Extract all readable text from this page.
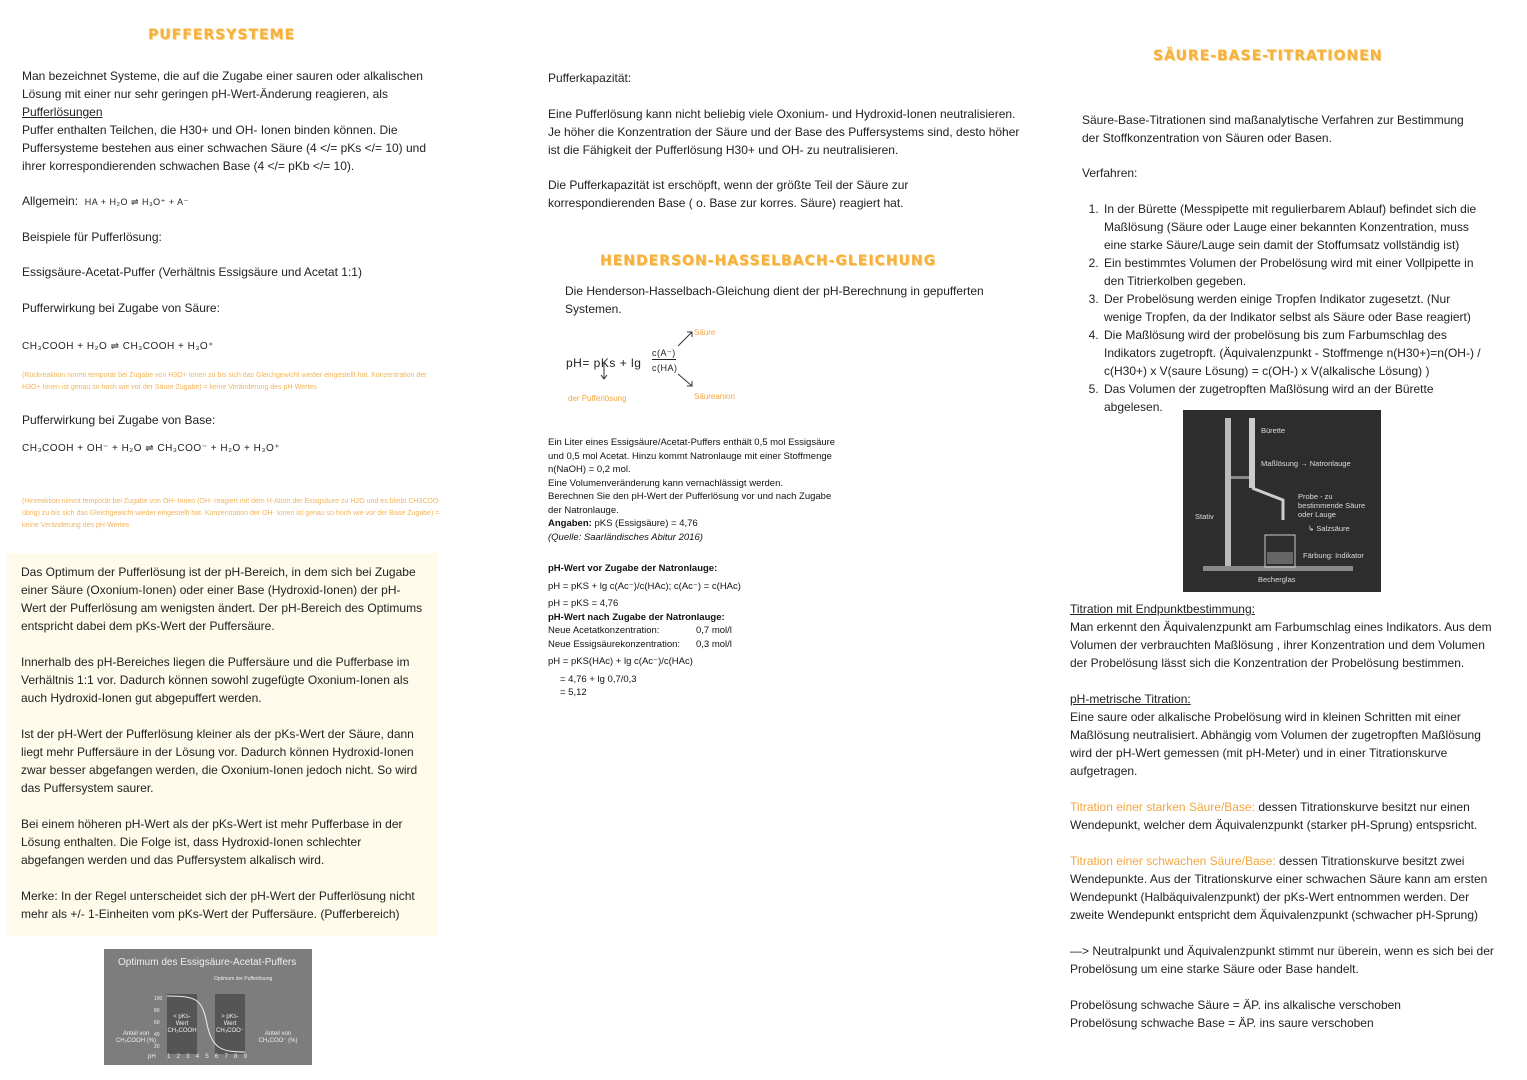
PUFFERSYSTEME

Man bezeichnet Systeme, die auf die Zugabe einer sauren oder alkalischen Lösung mit einer nur sehr geringen pH-Wert-Änderung reagieren, als Pufferlösungen

Puffer enthalten Teilchen, die H30+ und OH- Ionen binden können. Die Puffersysteme bestehen aus einer schwachen Säure (4 </= pKs </= 10) und ihrer korrespondierenden schwachen Base (4 </= pKb </= 10).

Allgemein: HA + H₂O ⇌ H₃O⁺ + A⁻

Beispiele für Pufferlösung:

Essigsäure-Acetat-Puffer (Verhältnis Essigsäure und Acetat 1:1)

Pufferwirkung bei Zugabe von Säure:

CH₃COOH + H₂O ⇌ CH₃COOH + H₃O⁺

(Rückreaktion nimmt temporär bei Zugabe von H3O+ Ionen zu bis sich das Gleichgewicht wieder eingestellt hat. Konzentration der H3O+ Ionen ist genau so hoch wie vor der Säure Zugabe) = keine Veränderung des pH-Wertes

Pufferwirkung bei Zugabe von Base:

CH₃COOH + OH⁻ + H₂O ⇌ CH₃COO⁻ + H₂O + H₃O⁺

(Hinreaktion nimmt temporär bei Zugabe von OH- Ionen (OH- reagiert mit dem H-Atom der Essigsäure zu H2O und es bleibt CH3COO- übrig) zu bis sich das Gleichgewicht wieder eingestellt hat. Konzentration der OH- Ionen ist genau so hoch wie vor der Base Zugabe) = keine Veränderung des pH-Wertes

Das Optimum der Pufferlösung ist der pH-Bereich, in dem sich bei Zugabe einer Säure (Oxonium-Ionen) oder einer Base (Hydroxid-Ionen) der pH-Wert der Pufferlösung am wenigsten ändert. Der pH-Bereich des Optimums entspricht dabei dem pKs-Wert der Puffersäure.

Innerhalb des pH-Bereiches liegen die Puffersäure und die Pufferbase im Verhältnis 1:1 vor. Dadurch können sowohl zugefügte Oxonium-Ionen als auch Hydroxid-Ionen gut abgepuffert werden.

Ist der pH-Wert der Pufferlösung kleiner als der pKs-Wert der Säure, dann liegt mehr Puffersäure in der Lösung vor. Dadurch können Hydroxid-Ionen zwar besser abgefangen werden, die Oxonium-Ionen jedoch nicht. So wird das Puffersystem saurer.

Bei einem höheren pH-Wert als der pKs-Wert ist mehr Pufferbase in der Lösung enthalten. Die Folge ist, dass Hydroxid-Ionen schlechter abgefangen werden und das Puffersystem alkalisch wird.

Merke: In der Regel unterscheidet sich der pH-Wert der Pufferlösung nicht mehr als +/- 1-Einheiten vom pKs-Wert der Puffersäure. (Pufferbereich)

Optimum des Essigsäure-Acetat-Puffers
Optimum der Pufferlösung
< pKs-Wert CH₃COOH
> pKs-Wert CH₃COO⁻
Anteil von CH₃COOH (%)
Anteil von CH₃COO⁻ (%)
pH 1 2 3 4 5 6 7 8 9
100
80
60
40
20

Pufferkapazität:

Eine Pufferlösung kann nicht beliebig viele Oxonium- und Hydroxid-Ionen neutralisieren. Je höher die Konzentration der Säure und der Base des Puffersystems sind, desto höher ist die Fähigkeit der Pufferlösung H30+ und OH- zu neutralisieren.

Die Pufferkapazität ist erschöpft, wenn der größte Teil der Säure zur korrespondierenden Base ( o. Base zur korres. Säure) reagiert hat.

HENDERSON-HASSELBACH-GLEICHUNG

Die Henderson-Hasselbach-Gleichung dient der pH-Berechnung in gepufferten Systemen.

pH= pKs + lg
c(A⁻)
c(HA)
Säure
Säureanion
der Pufferlösung

Ein Liter eines Essigsäure/Acetat-Puffers enthält 0,5 mol Essigsäure und 0,5 mol Acetat. Hinzu kommt Natronlauge mit einer Stoffmenge n(NaOH) = 0,2 mol.

Eine Volumenveränderung kann vernachlässigt werden.

Berechnen Sie den pH-Wert der Pufferlösung vor und nach Zugabe der Natronlauge.

Angaben: pKS (Essigsäure) = 4,76

(Quelle: Saarländisches Abitur 2016)

pH-Wert vor Zugabe der Natronlauge:

pH = pKS + lg c(Ac⁻)/c(HAc); c(Ac⁻) = c(HAc)

pH = pKS = 4,76

pH-Wert nach Zugabe der Natronlauge:

Neue Acetatkonzentration:	0,7 mol/l

Neue Essigsäurekonzentration:	0,3 mol/l

pH = pKS(HAc) + lg c(Ac⁻)/c(HAc)

= 4,76 + lg 0,7/0,3

= 5,12

SÄURE-BASE-TITRATIONEN

Säure-Base-Titrationen sind maßanalytische Verfahren zur Bestimmung der Stoffkonzentration von Säuren oder Basen.

Verfahren:

1. In der Bürette (Messpipette mit regulierbarem Ablauf) befindet sich die Maßlösung (Säure oder Lauge einer bekannten Konzentration, muss eine starke Säure/Lauge sein damit der Stoffumsatz vollständig ist)
2. Ein bestimmtes Volumen der Probelösung wird mit einer Vollpipette in den Titrierkolben gegeben.
3. Der Probelösung werden einige Tropfen Indikator zugesetzt. (Nur wenige Tropfen, da der Indikator selbst als Säure oder Base reagiert)
4. Die Maßlösung wird der probelösung bis zum Farbumschlag des Indikators zugetropft. (Äquivalenzpunkt - Stoffmenge n(H30+)=n(OH-) / c(H30+) x V(saure Lösung) = c(OH-) x V(alkalische Lösung) )
5. Das Volumen der zugetropften Maßlösung wird an der Bürette abgelesen.
Bürette
Maßlösung → Natronlauge
Probe - zu bestimmende Säure oder Lauge
↳ Salzsäure
Stativ
Färbung: Indikator
Becherglas

Titration mit Endpunktbestimmung:

Man erkennt den Äquivalenzpunkt am Farbumschlag eines Indikators. Aus dem Volumen der verbrauchten Maßlösung , ihrer Konzentration und dem Volumen der Probelösung lässt sich die Konzentration der Probelösung bestimmen.

pH-metrische Titration:

Eine saure oder alkalische Probelösung wird in kleinen Schritten mit einer Maßlösung neutralisiert. Abhängig vom Volumen der zugetropften Maßlösung wird der pH-Wert gemessen (mit pH-Meter) und in einer Titrationskurve aufgetragen.

Titration einer starken Säure/Base: dessen Titrationskurve besitzt nur einen Wendepunkt, welcher dem Äquivalenzpunkt (starker pH-Sprung) entspsricht.

Titration einer schwachen Säure/Base: dessen Titrationskurve besitzt zwei Wendepunkte. Aus der Titrationskurve einer schwachen Säure kann am ersten Wendepunkt (Halbäquivalenzpunkt) der pKs-Wert entnommen werden. Der zweite Wendepunkt entspricht dem Äquivalenzpunkt (schwacher pH-Sprung)

—> Neutralpunkt und Äquivalenzpunkt stimmt nur überein, wenn es sich bei der Probelösung um eine starke Säure oder Base handelt.

Probelösung schwache Säure = ÄP. ins alkalische verschoben

Probelösung schwache Base = ÄP. ins saure verschoben
